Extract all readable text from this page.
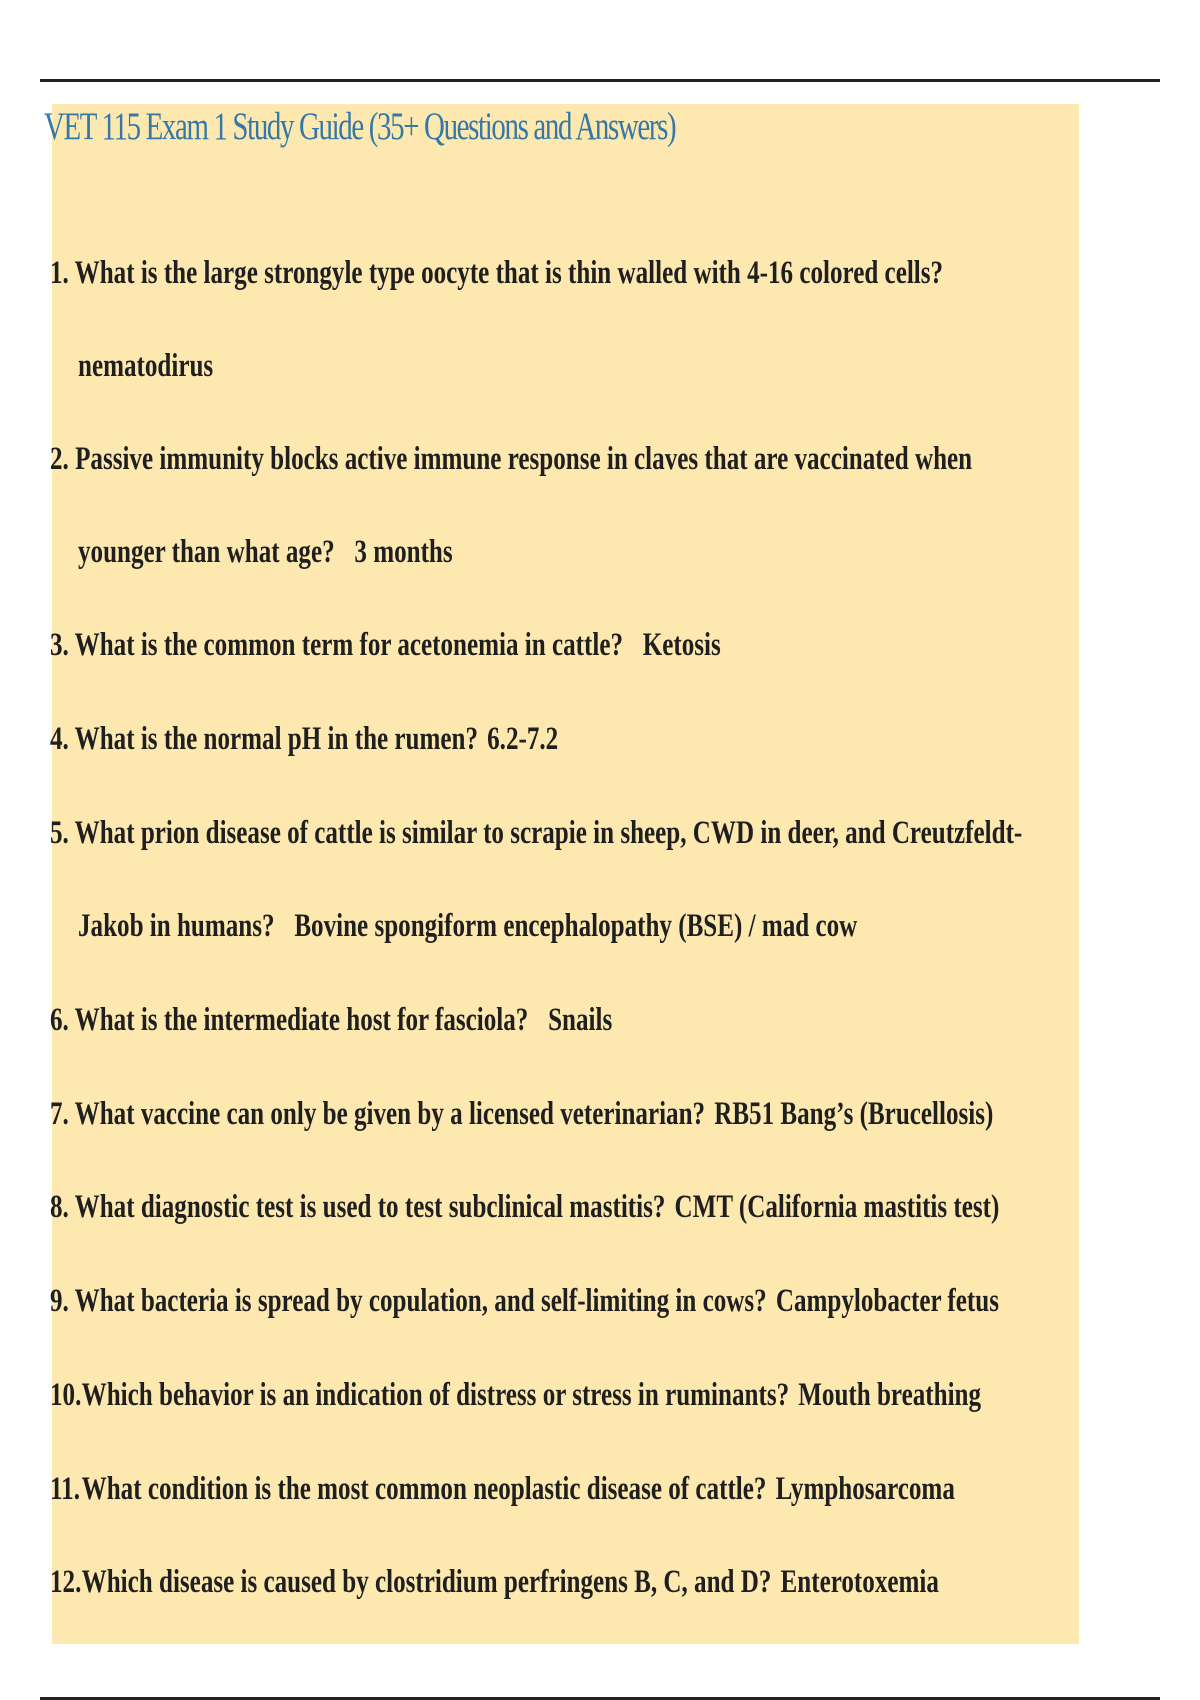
VET 115 Exam 1 Study Guide (35+ Questions and Answers)
1. What is the large strongyle type oocyte that is thin walled with 4-16 colored cells?
nematodirus
2. Passive immunity blocks active immune response in claves that are vaccinated when
younger than what age? 3 months
3. What is the common term for acetonemia in cattle? Ketosis
4. What is the normal pH in the rumen? 6.2-7.2
5. What prion disease of cattle is similar to scrapie in sheep, CWD in deer, and Creutzfeldt-
Jakob in humans? Bovine spongiform encephalopathy (BSE) / mad cow
6. What is the intermediate host for fasciola? Snails
7. What vaccine can only be given by a licensed veterinarian? RB51 Bang’s (Brucellosis)
8. What diagnostic test is used to test subclinical mastitis? CMT (California mastitis test)
9. What bacteria is spread by copulation, and self-limiting in cows? Campylobacter fetus
10. Which behavior is an indication of distress or stress in ruminants? Mouth breathing
11. What condition is the most common neoplastic disease of cattle? Lymphosarcoma
12. Which disease is caused by clostridium perfringens B, C, and D? Enterotoxemia
